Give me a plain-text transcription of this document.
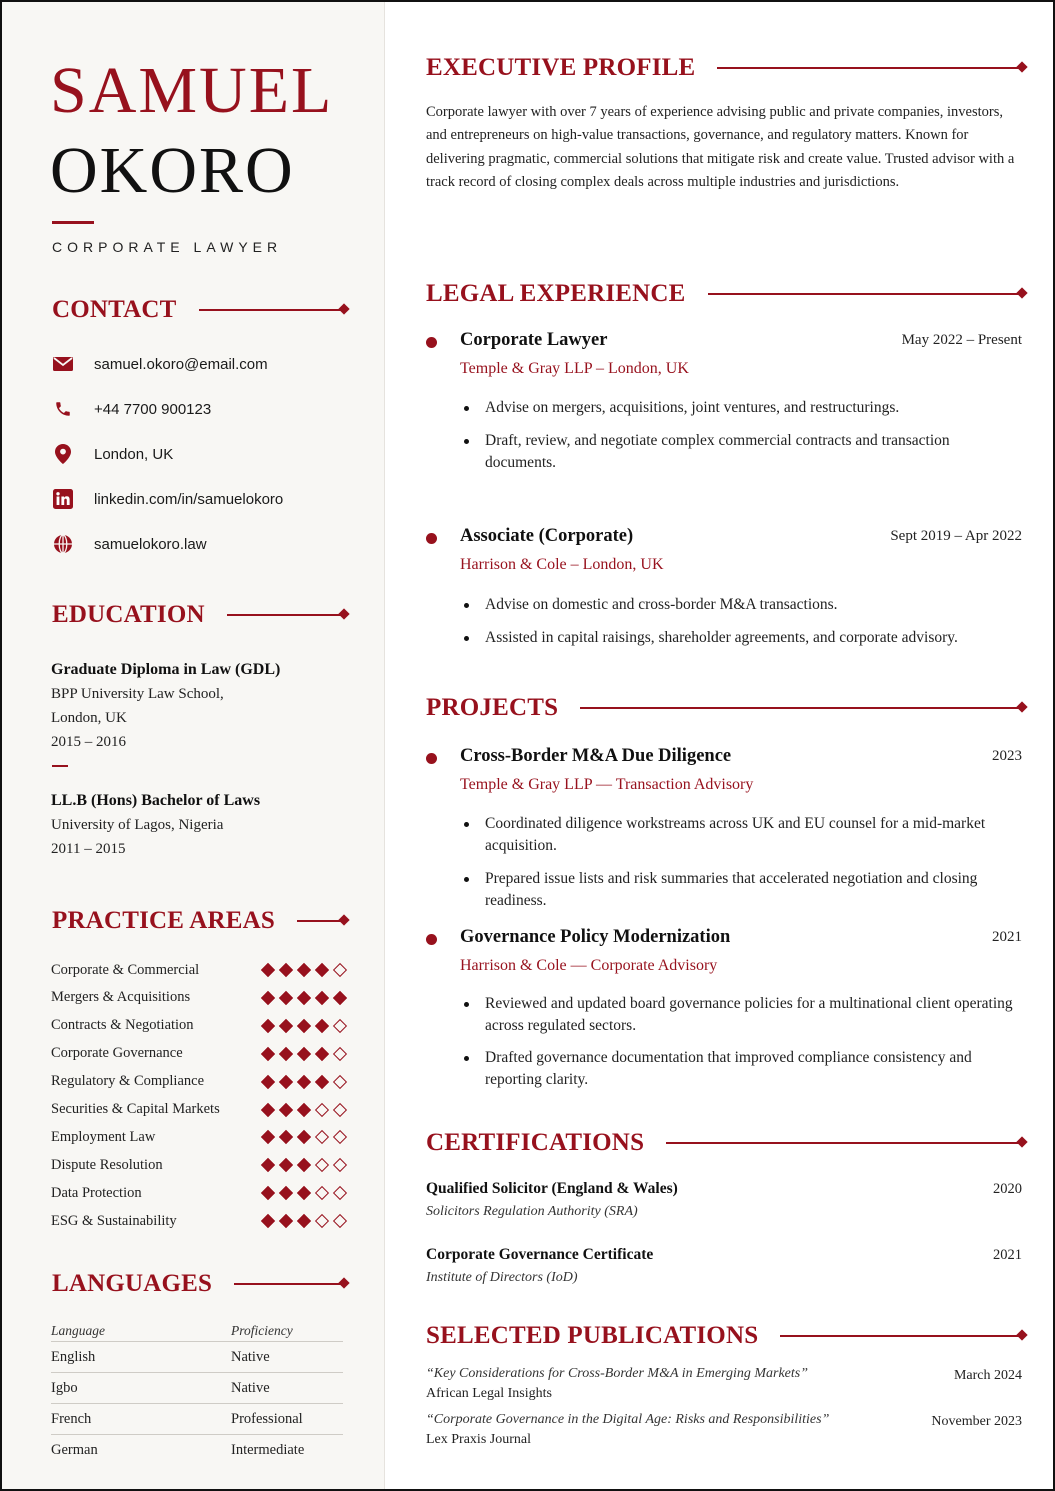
SAMUEL
OKORO
CORPORATE LAWYER
CONTACT
samuel.okoro@email.com
+44 7700 900123
London, UK
linkedin.com/in/samuelokoro
samuelokoro.law
EDUCATION
Graduate Diploma in Law (GDL)
BPP University Law School,
London, UK
2015 – 2016
LL.B (Hons) Bachelor of Laws
University of Lagos, Nigeria
2011 – 2015
PRACTICE AREAS
LANGUAGES
Language	Proficiency
English	Native
Igbo	Native
French	Professional
German	Intermediate
Corporate & Commercial
Mergers & Acquisitions
Contracts & Negotiation
Corporate Governance
Regulatory & Compliance
Securities & Capital Markets
Employment Law
Dispute Resolution
Data Protection
ESG & Sustainability
EXECUTIVE PROFILE
Corporate lawyer with over 7 years of experience advising public and private companies, investors, and entrepreneurs on high-value transactions, governance, and regulatory matters. Known for delivering pragmatic, commercial solutions that mitigate risk and create value. Trusted advisor with a track record of closing complex deals across multiple industries and jurisdictions.
LEGAL EXPERIENCE
Corporate Lawyer	May 2022 – Present
Temple & Gray LLP – London, UK
Advise on mergers, acquisitions, joint ventures, and restructurings.
Draft, review, and negotiate complex commercial contracts and transaction documents.
Associate (Corporate)	Sept 2019 – Apr 2022
Harrison & Cole – London, UK
Advise on domestic and cross-border M&A transactions.
Assisted in capital raisings, shareholder agreements, and corporate advisory.
PROJECTS
Cross-Border M&A Due Diligence	2023
Temple & Gray LLP — Transaction Advisory
Coordinated diligence workstreams across UK and EU counsel for a mid-market acquisition.
Prepared issue lists and risk summaries that accelerated negotiation and closing readiness.
Governance Policy Modernization	2021
Harrison & Cole — Corporate Advisory
Reviewed and updated board governance policies for a multinational client operating across regulated sectors.
Drafted governance documentation that improved compliance consistency and reporting clarity.
CERTIFICATIONS
Qualified Solicitor (England & Wales)	2020
Solicitors Regulation Authority (SRA)
Corporate Governance Certificate	2021
Institute of Directors (IoD)
SELECTED PUBLICATIONS
“Key Considerations for Cross-Border M&A in Emerging Markets”	March 2024
African Legal Insights
“Corporate Governance in the Digital Age: Risks and Responsibilities”	November 2023
Lex Praxis Journal
